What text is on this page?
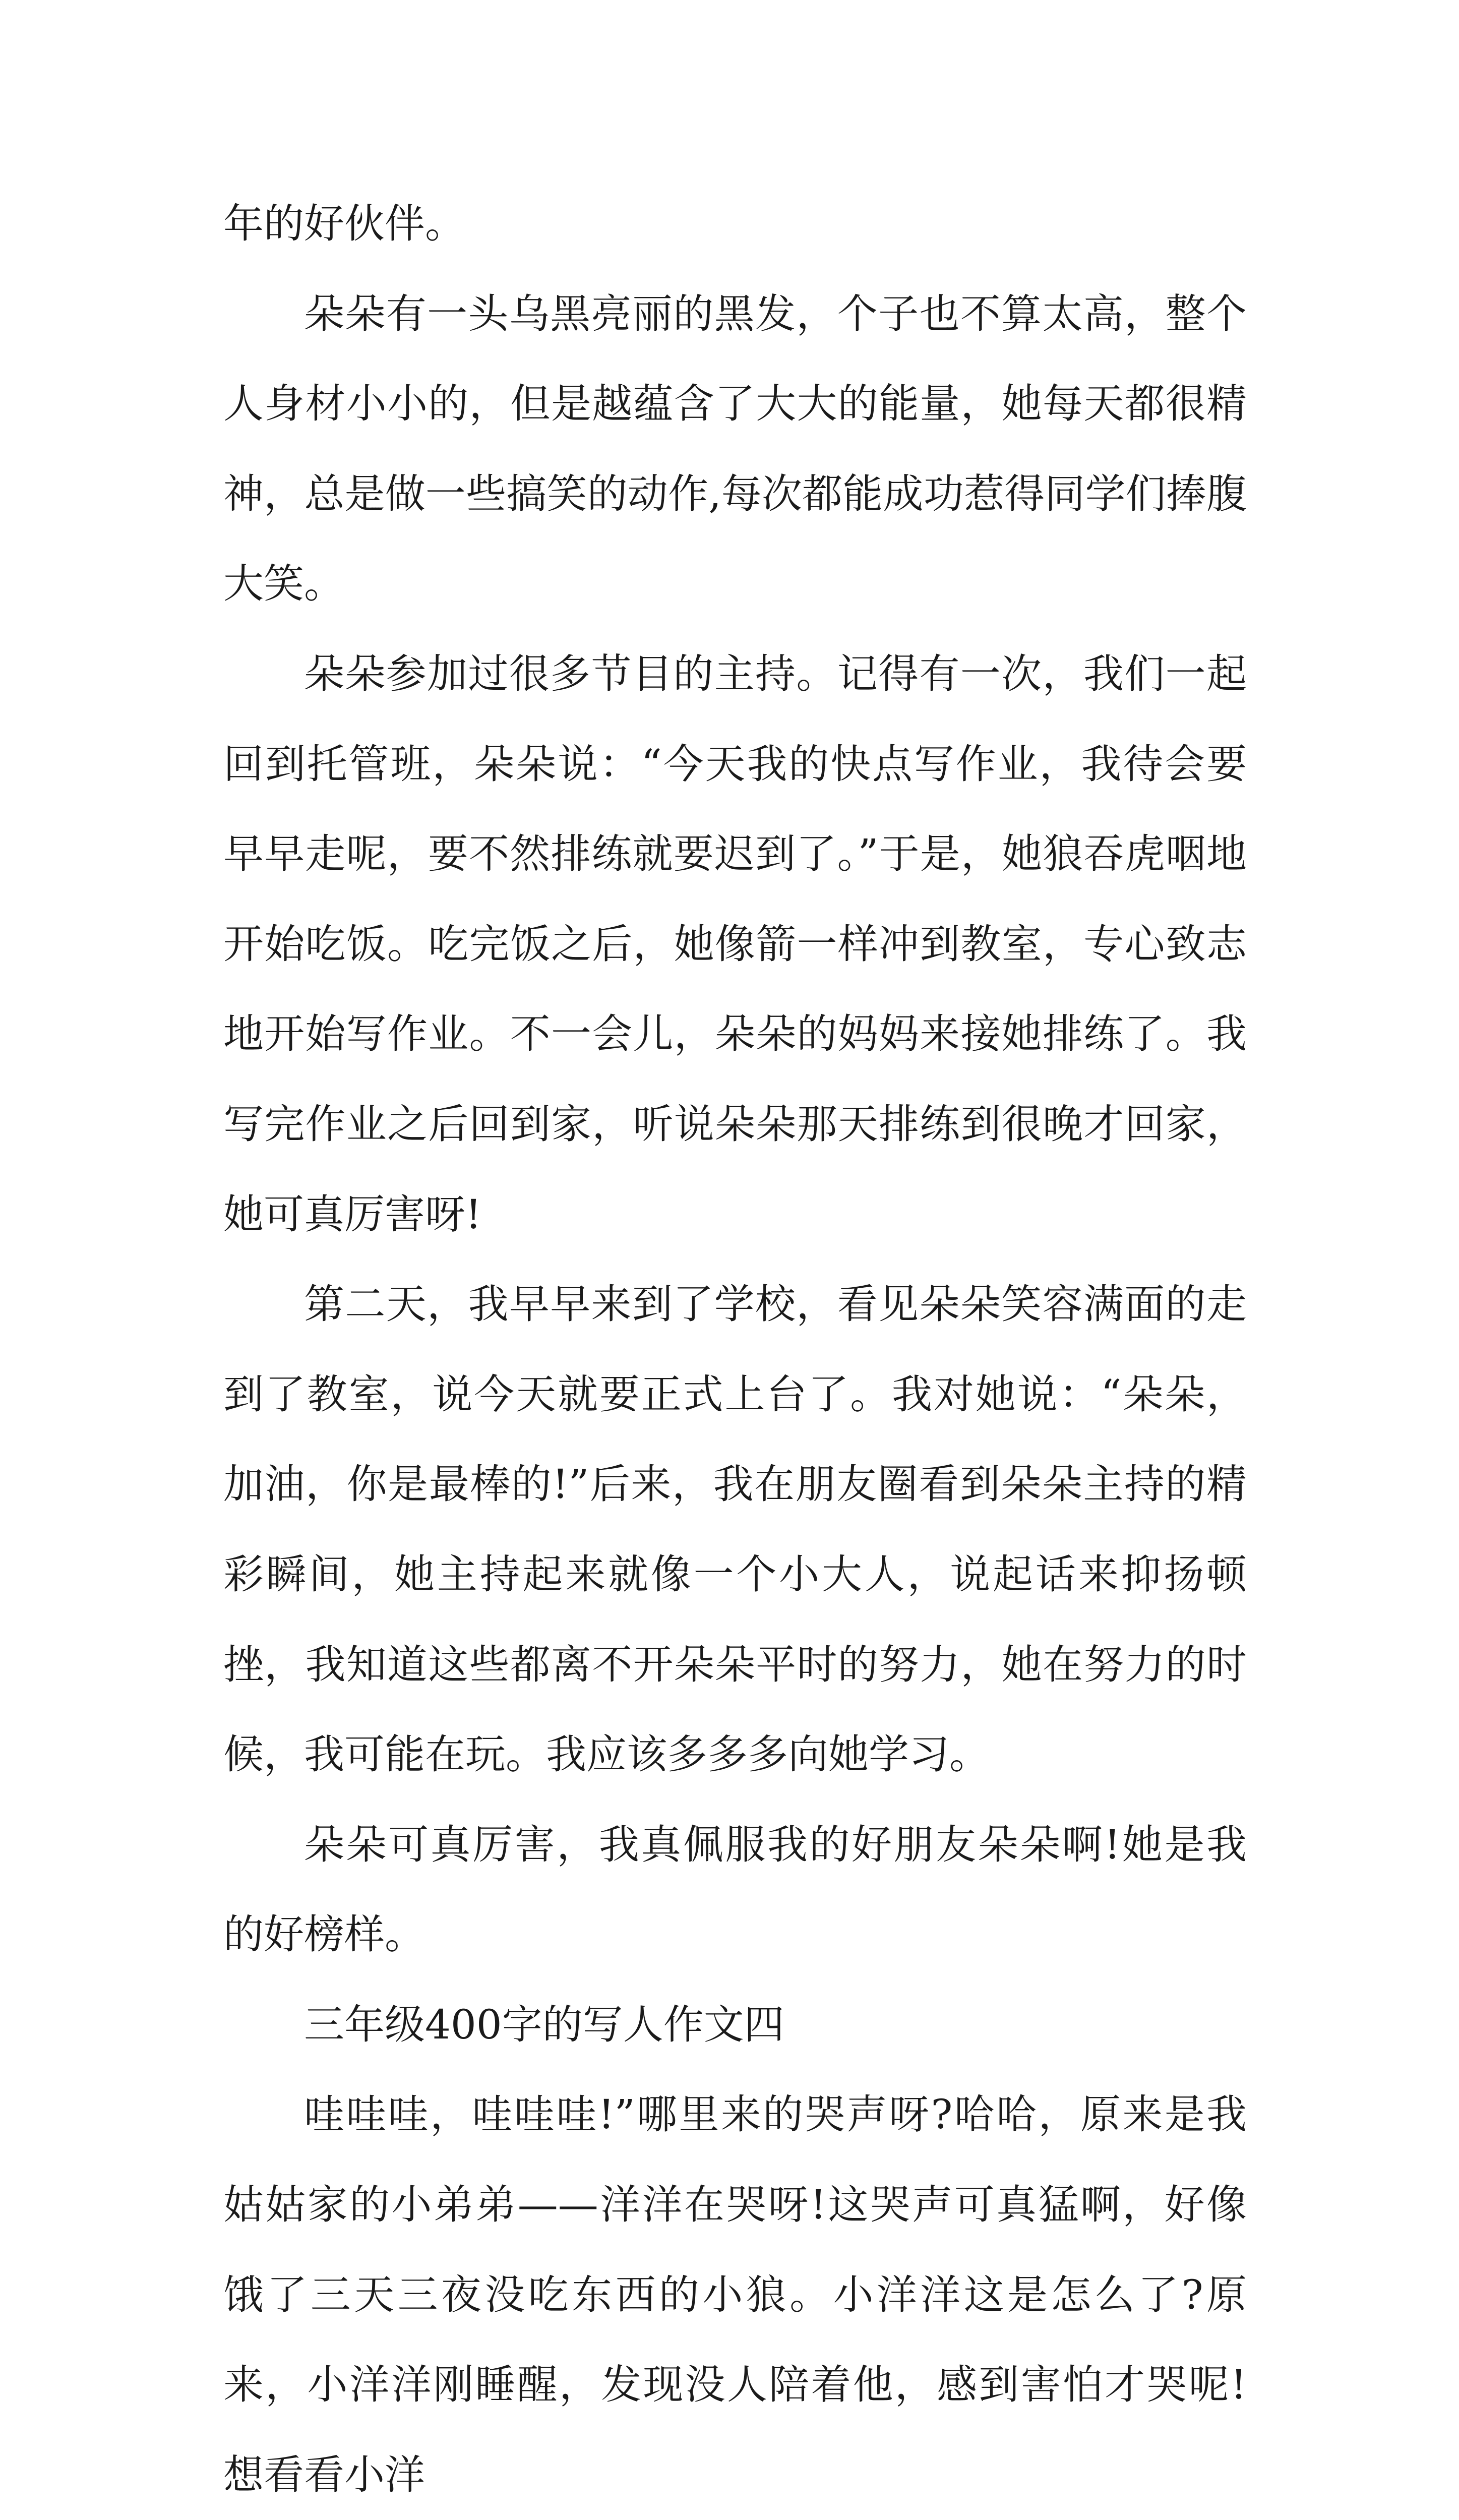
年的好伙伴。

朵朵有一头乌黑亮丽的黑发，个子也不算太高，整个人身材小小的，但是越蕴含了大大的能量，她每天都很精神，总是做一些搞笑的动作,每次都能成功惹得同学们捧腹大笑。

朵朵参加过很多节目的主持。记得有一次，我们一起回到托管班，朵朵说：“今天我的快点写作业，我待会要早早走呢，要不然排练就要迟到了。”于是，她狼吞虎咽地开始吃饭。吃完饭之后，她像箭一样冲到教室，专心致志地开始写作业。不一会儿，朵朵的妈妈来接她排练了。我写完作业之后回到家，听说朵朵那天排练到很晚才回家，她可真厉害呀!

第二天，我早早来到了学校，看见朵朵笑容满面的走到了教室，说今天就要正式上台了。我对她说：“朵朵，加油，你是最棒的!”后来，我在朋友圈看到朵朵主持的精彩瞬间，她主持起来就像一个小大人，说起话来抑扬顿挫，我知道这些都离不开朵朵平时的努力，她在努力的时候，我可能在玩。我应该多多多向她学习。

朵朵可真厉害，我真佩服我的好朋友朵朵啊!她是我的好榜样。

三年级400字的写人作文四

哇哇哇，哇哇哇!”哪里来的哭声呀?哈哈，原来是我姑姑家的小弟弟——洋洋在哭呀!这哭声可真猛啊，好像饿了三天三夜没吃东西的小狼。小洋洋这是怎么了?原来，小洋洋刚睡醒，发现没人陪着他，感到害怕才哭呢!想看看小洋
